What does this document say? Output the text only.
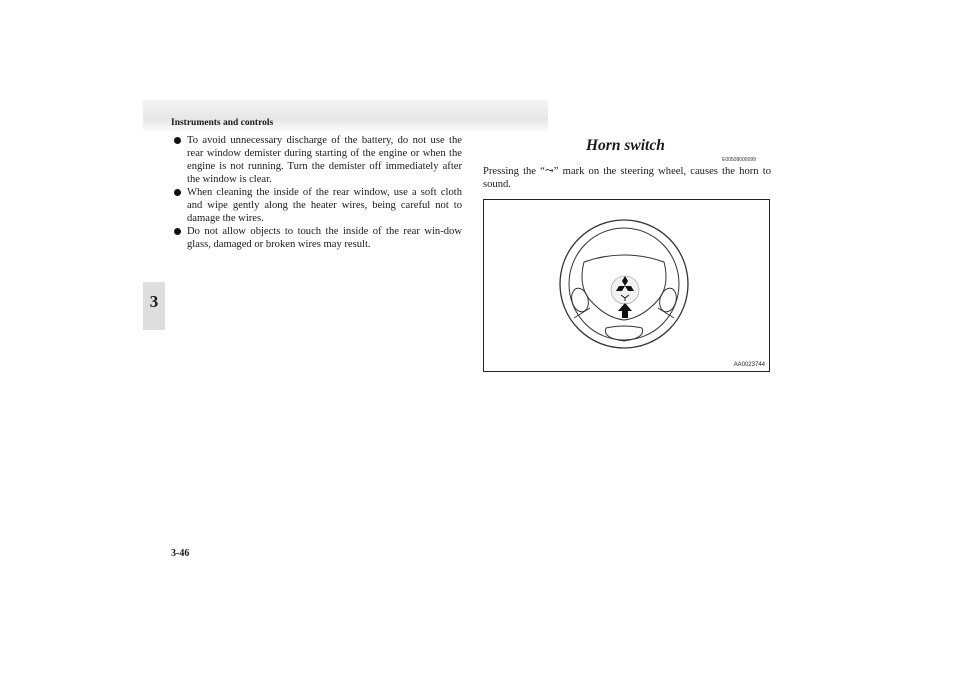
Instruments and controls
3
To avoid unnecessary discharge of the battery, do not use the rear window demister during starting of the engine or when the engine is not running. Turn the demister off immediately after the window is clear.
When cleaning the inside of the rear window, use a soft cloth and wipe gently along the heater wires, being careful not to damage the wires.
Do not allow objects to touch the inside of the rear win-dow glass, damaged or broken wires may result.
Horn switch
E00508000099
Pressing the “⤳” mark on the steering wheel, causes the horn to sound.
AA0023744
3-46
